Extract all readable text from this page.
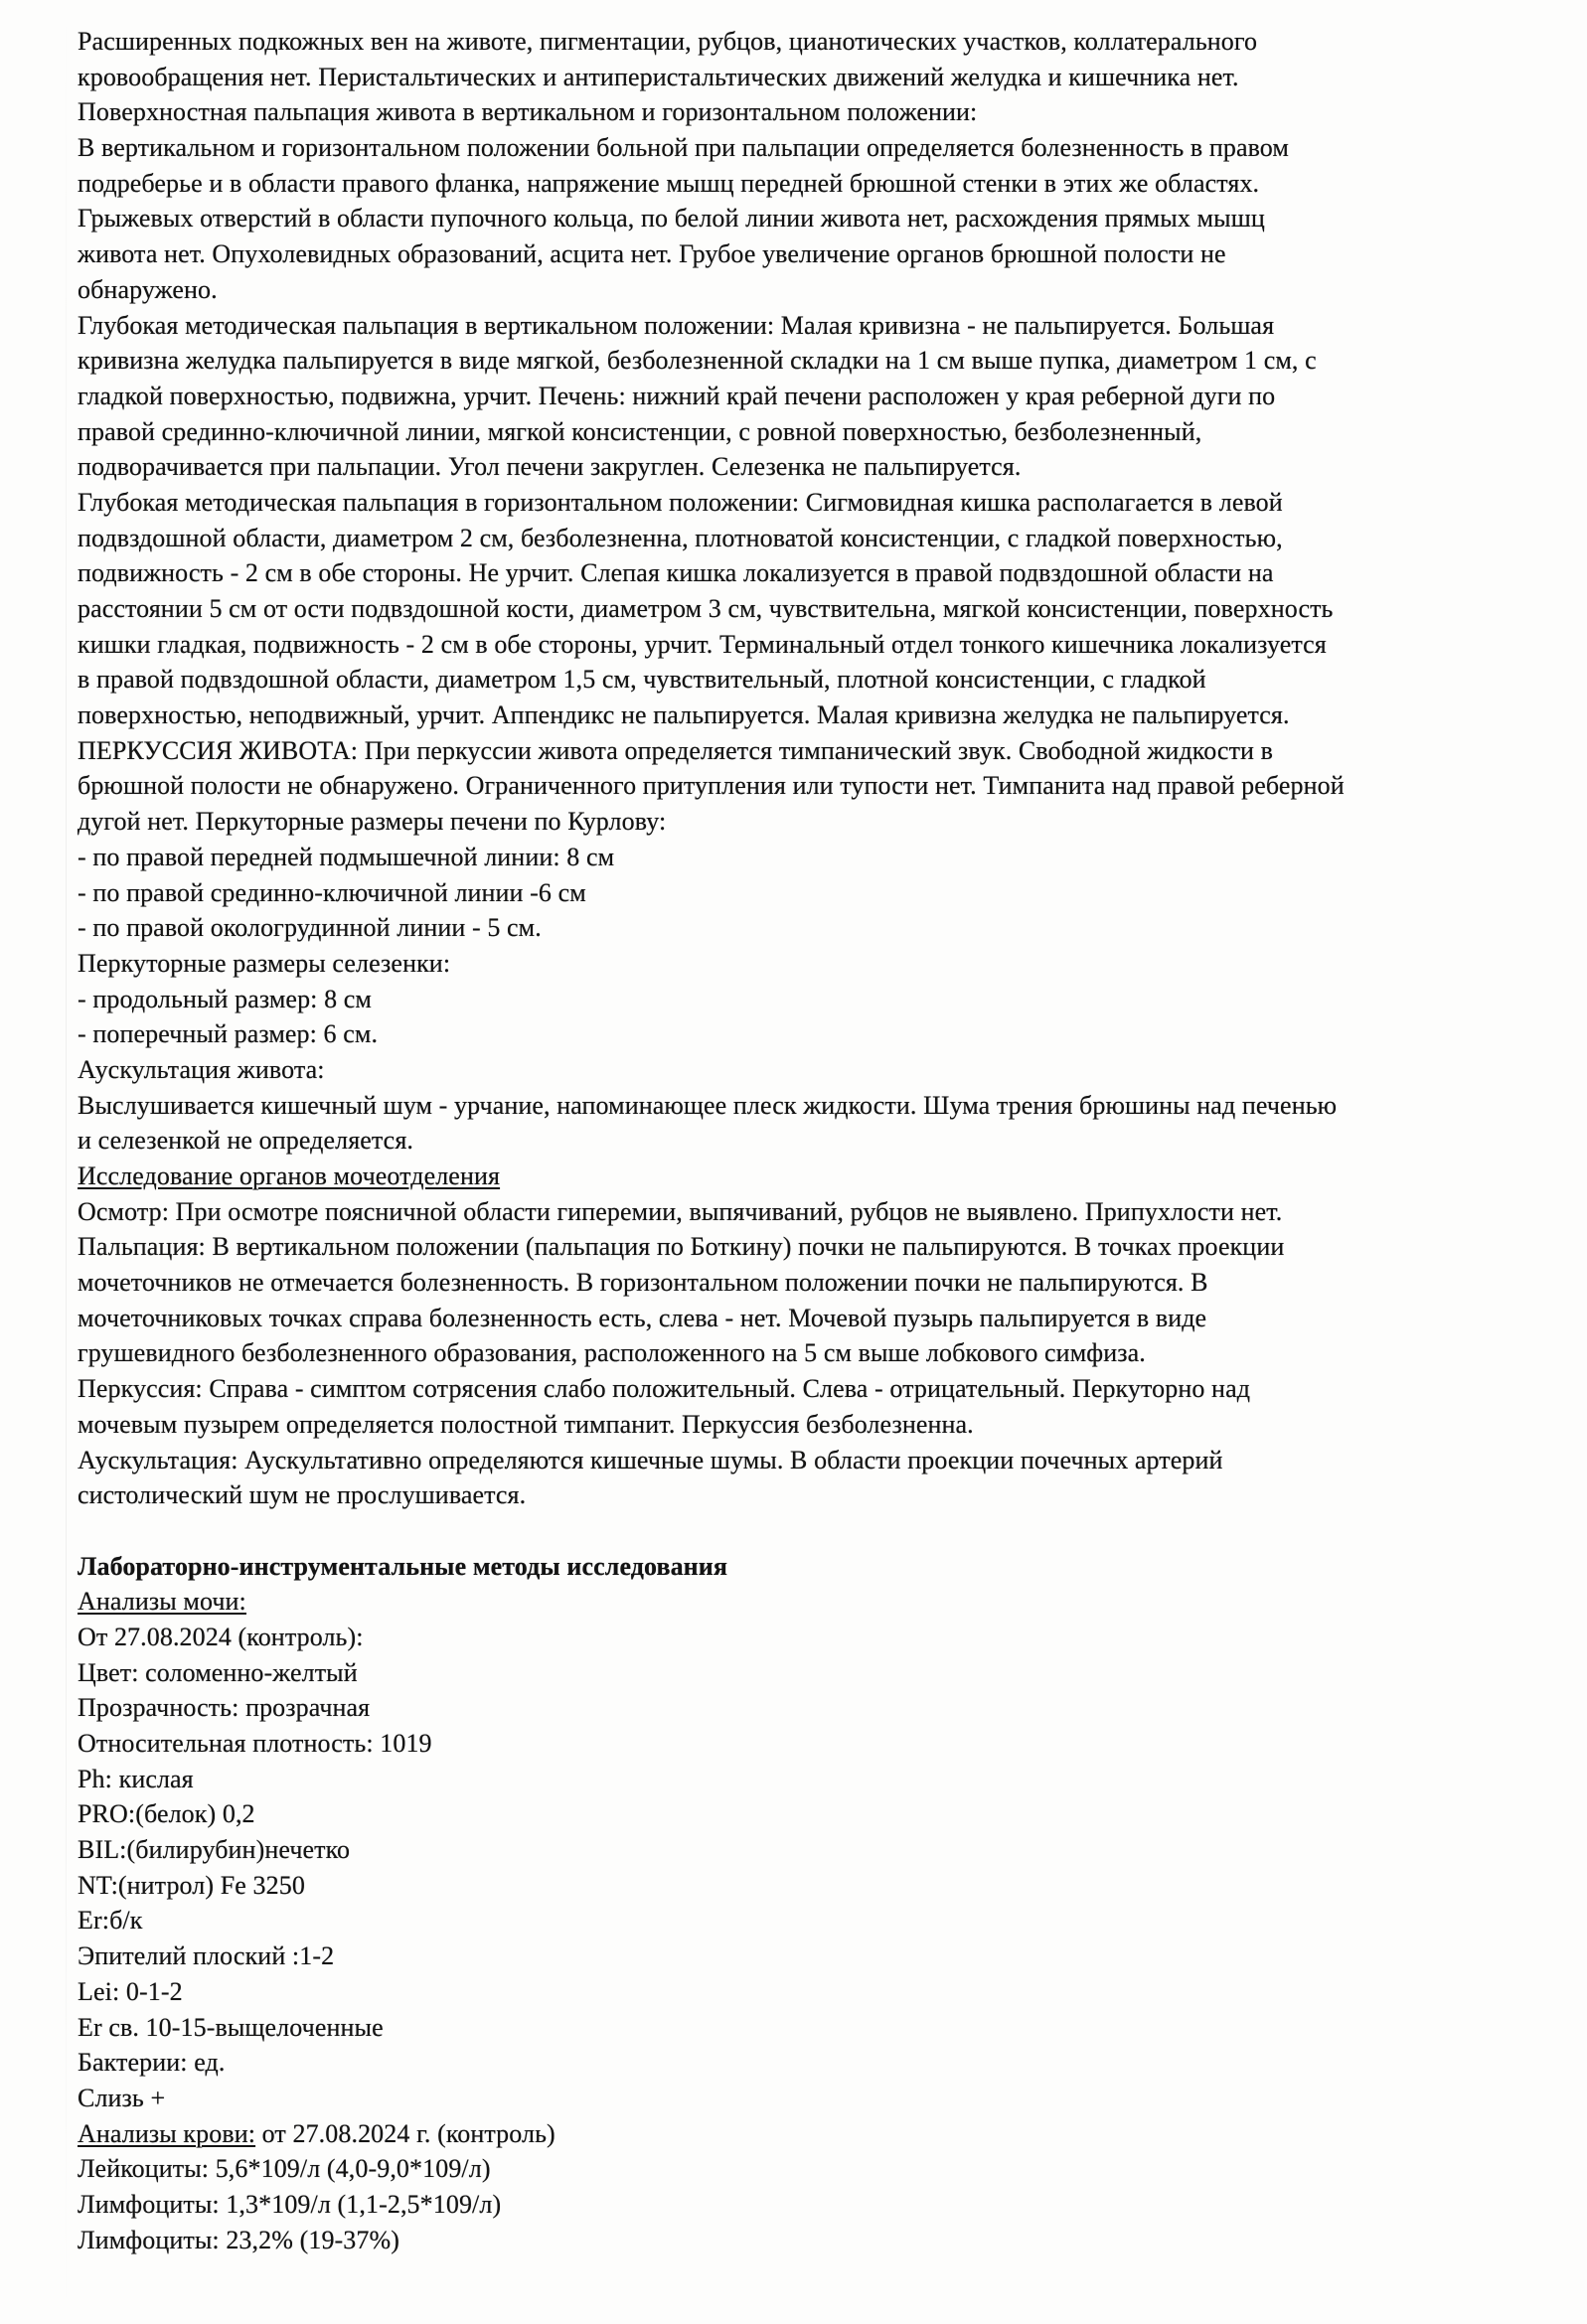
Расширенных подкожных вен на животе, пигментации, рубцов, цианотических участков, коллатерального
кровообращения нет. Перистальтических и антиперистальтических движений желудка и кишечника нет.
Поверхностная пальпация живота в вертикальном и горизонтальном положении:
В вертикальном и горизонтальном положении больной при пальпации определяется болезненность в правом
подреберье и в области правого фланка, напряжение мышц передней брюшной стенки в этих же областях.
Грыжевых отверстий в области пупочного кольца, по белой линии живота нет, расхождения прямых мышц
живота нет. Опухолевидных образований, асцита нет. Грубое увеличение органов брюшной полости не
обнаружено.
Глубокая методическая пальпация в вертикальном положении: Малая кривизна - не пальпируется. Большая
кривизна желудка пальпируется в виде мягкой, безболезненной складки на 1 см выше пупка, диаметром 1 см, с
гладкой поверхностью, подвижна, урчит. Печень: нижний край печени расположен у края реберной дуги по
правой срединно-ключичной линии, мягкой консистенции, с ровной поверхностью, безболезненный,
подворачивается при пальпации. Угол печени закруглен. Селезенка не пальпируется.
Глубокая методическая пальпация в горизонтальном положении: Сигмовидная кишка располагается в левой
подвздошной области, диаметром 2 см, безболезненна, плотноватой консистенции, с гладкой поверхностью,
подвижность - 2 см в обе стороны. Не урчит. Слепая кишка локализуется в правой подвздошной области на
расстоянии 5 см от ости подвздошной кости, диаметром 3 см, чувствительна, мягкой консистенции, поверхность
кишки гладкая, подвижность - 2 см в обе стороны, урчит. Терминальный отдел тонкого кишечника локализуется
в правой подвздошной области, диаметром 1,5 см, чувствительный, плотной консистенции, с гладкой
поверхностью, неподвижный, урчит. Аппендикс не пальпируется. Малая кривизна желудка не пальпируется.
ПЕРКУССИЯ ЖИВОТА: При перкуссии живота определяется тимпанический звук. Свободной жидкости в
брюшной полости не обнаружено. Ограниченного притупления или тупости нет. Тимпанита над правой реберной
дугой нет. Перкуторные размеры печени по Курлову:
- по правой передней подмышечной линии: 8 см
- по правой срединно-ключичной линии -6 см
- по правой окологрудинной линии - 5 см.
Перкуторные размеры селезенки:
- продольный размер: 8 см
- поперечный размер: 6 см.
Аускультация живота:
Выслушивается кишечный шум - урчание, напоминающее плеск жидкости. Шума трения брюшины над печенью
и селезенкой не определяется.
Исследование органов мочеотделения
Осмотр: При осмотре поясничной области гиперемии, выпячиваний, рубцов не выявлено. Припухлости нет.
Пальпация: В вертикальном положении (пальпация по Боткину) почки не пальпируются. В точках проекции
мочеточников не отмечается болезненность. В горизонтальном положении почки не пальпируются. В
мочеточниковых точках справа болезненность есть, слева - нет. Мочевой пузырь пальпируется в виде
грушевидного безболезненного образования, расположенного на 5 см выше лобкового симфиза.
Перкуссия: Справа - симптом сотрясения слабо положительный. Слева - отрицательный. Перкуторно над
мочевым пузырем определяется полостной тимпанит. Перкуссия безболезненна.
Аускультация: Аускультативно определяются кишечные шумы. В области проекции почечных артерий
систолический шум не прослушивается.
Лабораторно-инструментальные методы исследования
Анализы мочи:
От 27.08.2024 (контроль):
Цвет: соломенно-желтый
Прозрачность: прозрачная
Относительная плотность: 1019
Ph: кислая
PRO:(белок) 0,2
BIL:(билирубин)нечетко
NT:(нитрол) Fe 3250
Er:б/к
Эпителий плоский :1-2
Lei: 0-1-2
Er св. 10-15-выщелоченные
Бактерии: ед.
Слизь +
Анализы крови: от 27.08.2024 г. (контроль)
Лейкоциты: 5,6*109/л (4,0-9,0*109/л)
Лимфоциты: 1,3*109/л (1,1-2,5*109/л)
Лимфоциты: 23,2% (19-37%)
